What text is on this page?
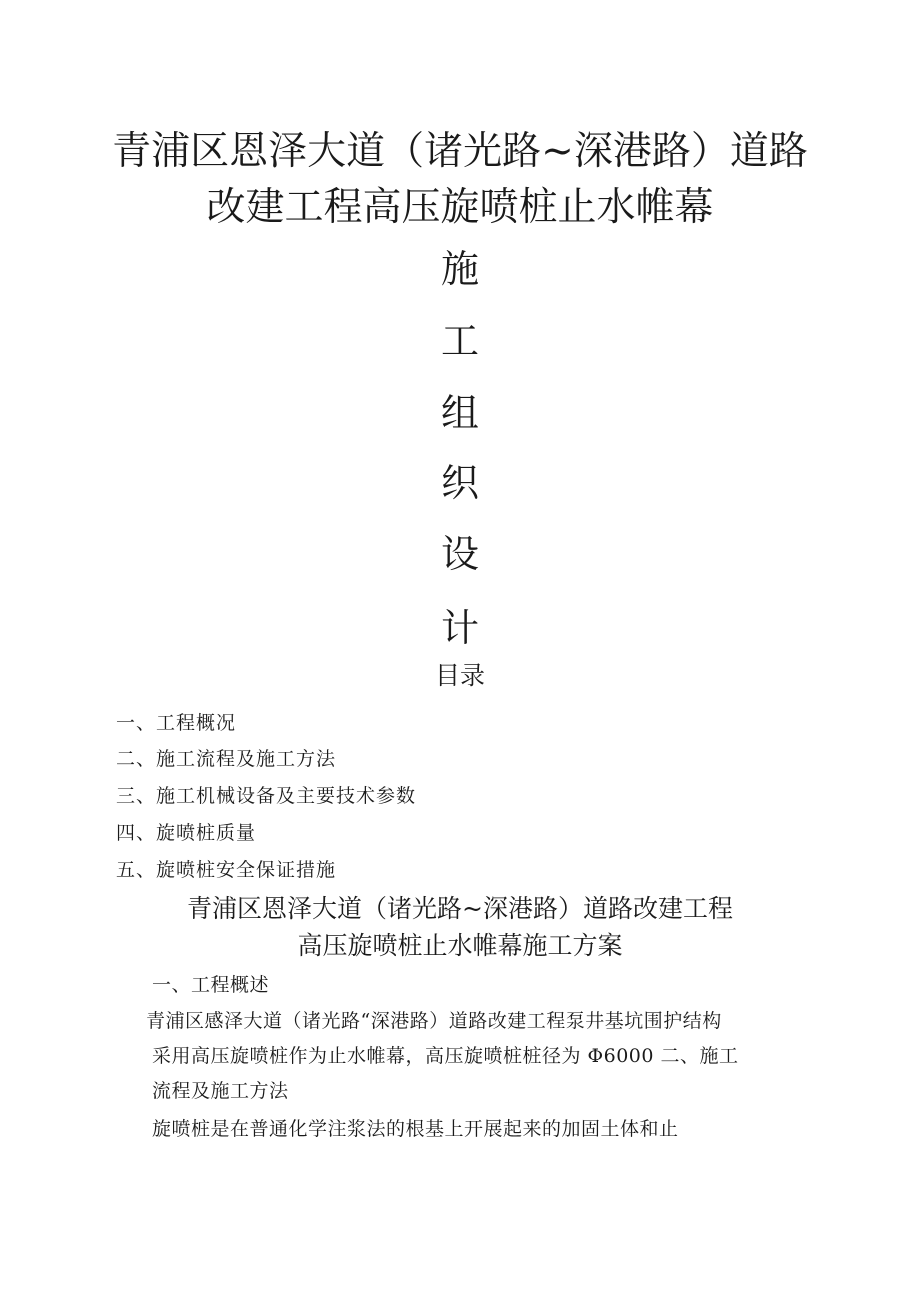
青浦区恩泽大道（诸光路~深港路）道路
改建工程高压旋喷桩止水帷幕
施
工
组
织
设
计
目录
一、工程概况
二、施工流程及施工方法
三、施工机械设备及主要技术参数
四、旋喷桩质量
五、旋喷桩安全保证措施
青浦区恩泽大道（诸光路~深港路）道路改建工程
高压旋喷桩止水帷幕施工方案
一、工程概述
青浦区感泽大道（诸光路“深港路）道路改建工程泵井基坑围护结构
采用高压旋喷桩作为止水帷幕，高压旋喷桩桩径为 Φ6000 二、施工
流程及施工方法
旋喷桩是在普通化学注浆法的根基上开展起来的加固土体和止
